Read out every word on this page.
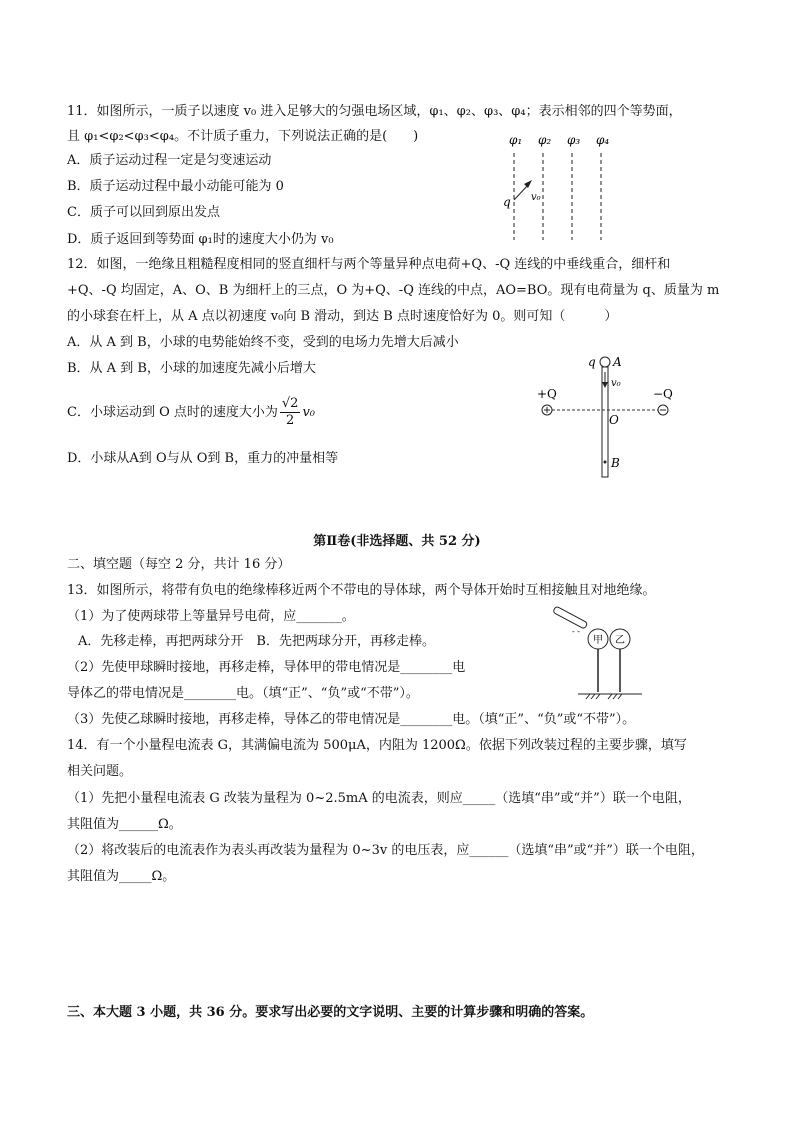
11．如图所示，一质子以速度 v₀ 进入足够大的匀强电场区域，φ₁、φ₂、φ₃、φ₄；表示相邻的四个等势面，
且 φ₁<φ₂<φ₃<φ₄。不计质子重力，下列说法正确的是(　　)
A．质子运动过程一定是匀变速运动
B．质子运动过程中最小动能可能为 0
C．质子可以回到原出发点
D．质子返回到等势面 φ₁时的速度大小仍为 v₀
φ₁ φ₂ φ₃ φ₄
q v₀
12．如图，一绝缘且粗糙程度相同的竖直细杆与两个等量异种点电荷+Q、-Q 连线的中垂线重合，细杆和
+Q、-Q 均固定，A、O、B 为细杆上的三点，O 为+Q、-Q 连线的中点，AO=BO。现有电荷量为 q、质量为 m
的小球套在杆上，从 A 点以初速度 v₀向 B 滑动，到达 B 点时速度恰好为 0。则可知（　　　）
A．从 A 到 B，小球的电势能始终不变，受到的电场力先增大后减小
B．从 A 到 B，小球的加速度先减小后增大
C．小球运动到 O 点时的速度大小为 $\frac{√2}{2} v_0$
D．小球从A到 O与从 O到 B，重力的冲量相等
q A
v₀
+Q	−Q
O
B
第Ⅱ卷(非选择题、共 52 分)
二、填空题（每空 2 分，共计 16 分）
13．如图所示，将带有负电的绝缘棒移近两个不带电的导体球，两个导体开始时互相接触且对地绝缘。
（1）为了使两球带上等量异号电荷，应_______。
A．先移走棒，再把两球分开　B．先把两球分开，再移走棒。
（2）先使甲球瞬时接地，再移走棒，导体甲的带电情况是________电
导体乙的带电情况是________电。（填“正”、“负”或“不带”）。
（3）先使乙球瞬时接地，再移走棒，导体乙的带电情况是________电。（填“正”、“负”或“不带”）。
- -
甲 乙
14．有一个小量程电流表 G，其满偏电流为 500μA，内阻为 1200Ω。依据下列改装过程的主要步骤，填写
相关问题。
（1）先把小量程电流表 G 改装为量程为 0~2.5mA 的电流表，则应_____（选填“串”或“并”）联一个电阻，
其阻值为______Ω。
（2）将改装后的电流表作为表头再改装为量程为 0~3v 的电压表，应______（选填“串”或“并”）联一个电阻，
其阻值为_____Ω。
三、本大题 3 小题，共 36 分。要求写出必要的文字说明、主要的计算步骤和明确的答案。
